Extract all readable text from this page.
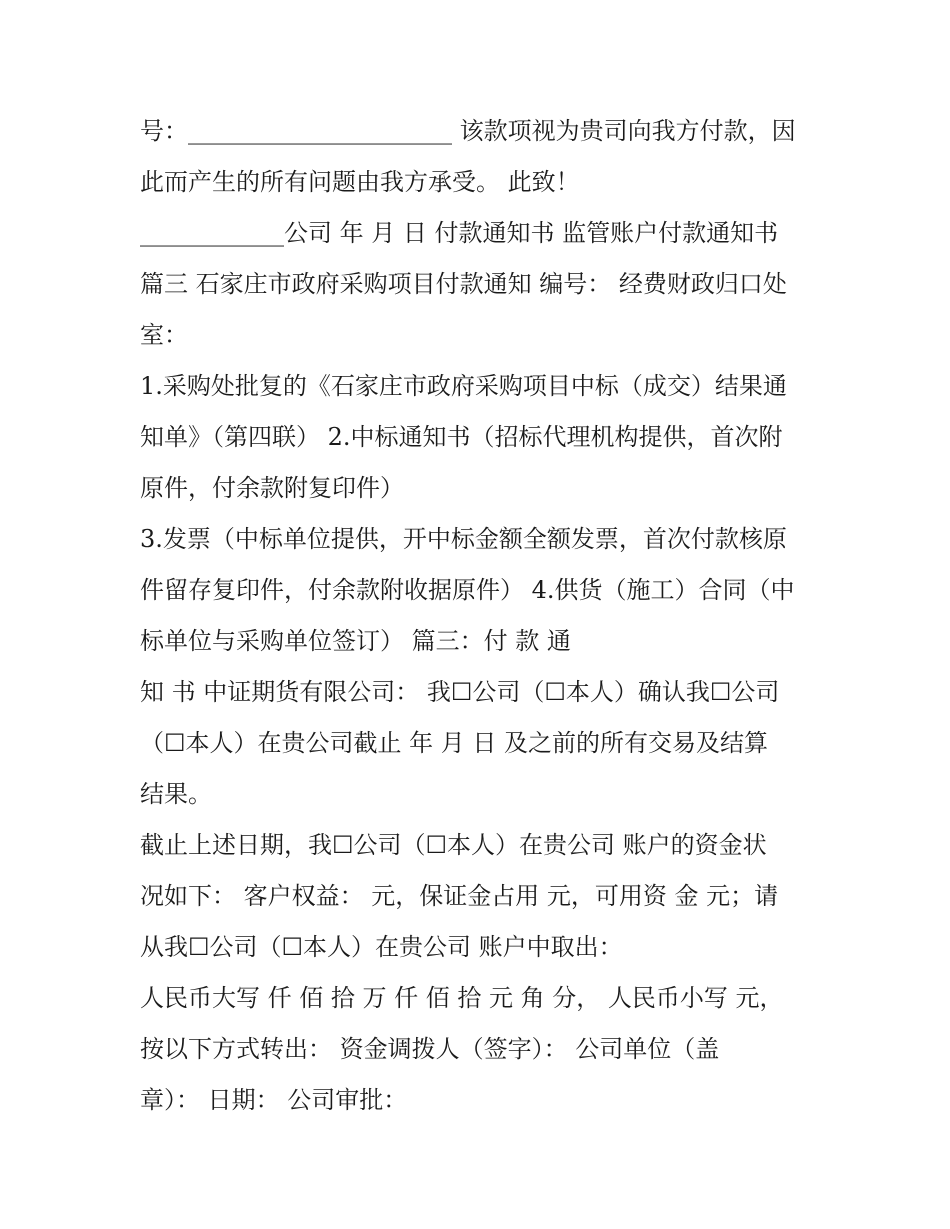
号：______________________ 该款项视为贵司向我方付款，因
此而产生的所有问题由我方承受。 此致！
____________公司 年 月 日 付款通知书 监管账户付款通知书
篇三 石家庄市政府采购项目付款通知 编号： 经费财政归口处
室：
1.采购处批复的《石家庄市政府采购项目中标（成交）结果通
知单》（第四联） 2.中标通知书（招标代理机构提供，首次附
原件，付余款附复印件）
3.发票（中标单位提供，开中标金额全额发票，首次付款核原
件留存复印件，付余款附收据原件） 4.供货（施工）合同（中
标单位与采购单位签订） 篇三：付 款 通
知 书 中证期货有限公司： 我☐公司（☐本人）确认我☐公司
（☐本人）在贵公司截止 年 月 日 及之前的所有交易及结算
结果。
截止上述日期，我☐公司（☐本人）在贵公司 账户的资金状
况如下： 客户权益： 元，保证金占用 元，可用资 金 元；请
从我☐公司（☐本人）在贵公司 账户中取出：
人民币大写 仟 佰 拾 万 仟 佰 拾 元 角 分， 人民币小写 元，
按以下方式转出： 资金调拨人（签字）： 公司单位（盖
章）： 日期： 公司审批：
